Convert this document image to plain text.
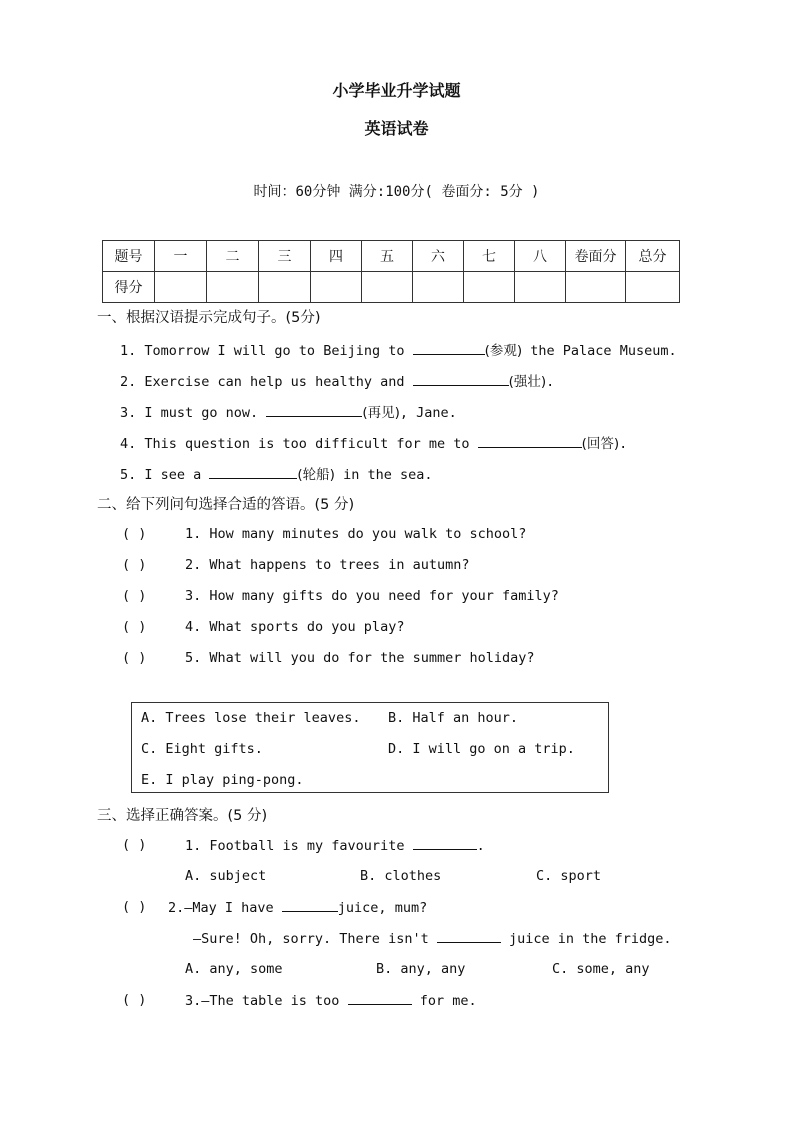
小学毕业升学试题
英语试卷
时间：60分钟 满分:100分( 卷面分: 5分 )
题号	一	二	三	四	五	六	七	八	卷面分	总分
得分										
一、根据汉语提示完成句子。(5分)
1. Tomorrow I will go to Beijing to	(参观) the Palace Museum.
2. Exercise can help us healthy and	(强壮).
3. I must go now.	(再见), Jane.
4. This question is too difficult for me to	(回答).
5. I see a	(轮船) in the sea.
二、给下列问句选择合适的答语。(5 分)
( )	1. How many minutes do you walk to school?
( )	2. What happens to trees in autumn?
( )	3. How many gifts do you need for your family?
( )	4. What sports do you play?
( )	5. What will you do for the summer holiday?
A. Trees lose their leaves. B. Half an hour.
C. Eight gifts.	D. I will go on a trip.
E. I play ping-pong.
三、选择正确答案。(5 分)
( )	1. Football is my favourite	.
A. subject	B. clothes	C. sport
( ) 2.—May I have	juice, mum?
—Sure! Oh, sorry. There isn't	juice in the fridge.
A. any, some	B. any, any	C. some, any
( )	3.—The table is too	for me.
